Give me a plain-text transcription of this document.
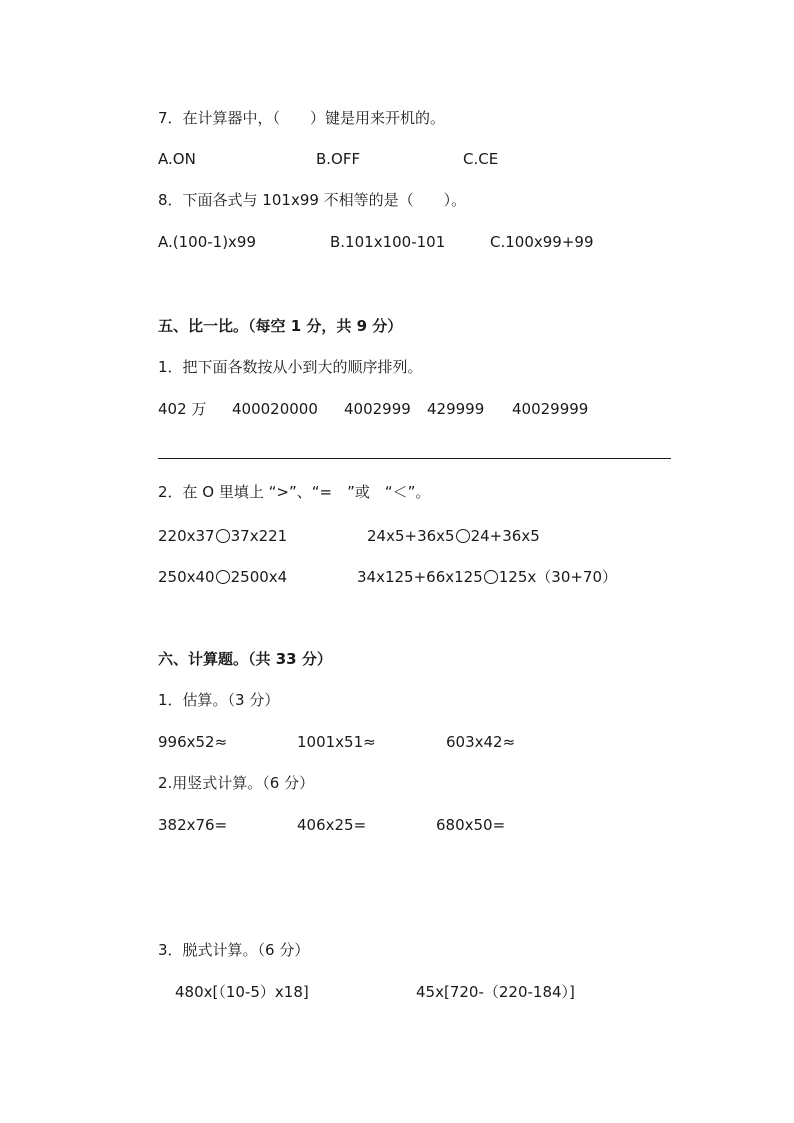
7．在计算器中，（　　）键是用来开机的。
A.ON	B.OFF	C.CE
8．下面各式与 101x99 不相等的是（　　）。
A.(100-1)x99	B.101x100-101	C.100x99+99
五、比一比。（每空 1 分，共 9 分）
1．把下面各数按从小到大的顺序排列。
402 万 400020000 4002999 429999 40029999
2．在 O 里填上 “>”、“=　”或　“＜”。
220x37 37x221	24x5+36x5 24+36x5
250x40 2500x4	34x125+66x125 125x（30+70）
六、计算题。（共 33 分）
1．估算。（3 分）
996x52≈	1001x51≈	603x42≈
2.用竖式计算。（6 分）
382x76=	406x25=	680x50=
3．脱式计算。（6 分）
480x[（10-5）x18]	45x[720-（220-184）]
